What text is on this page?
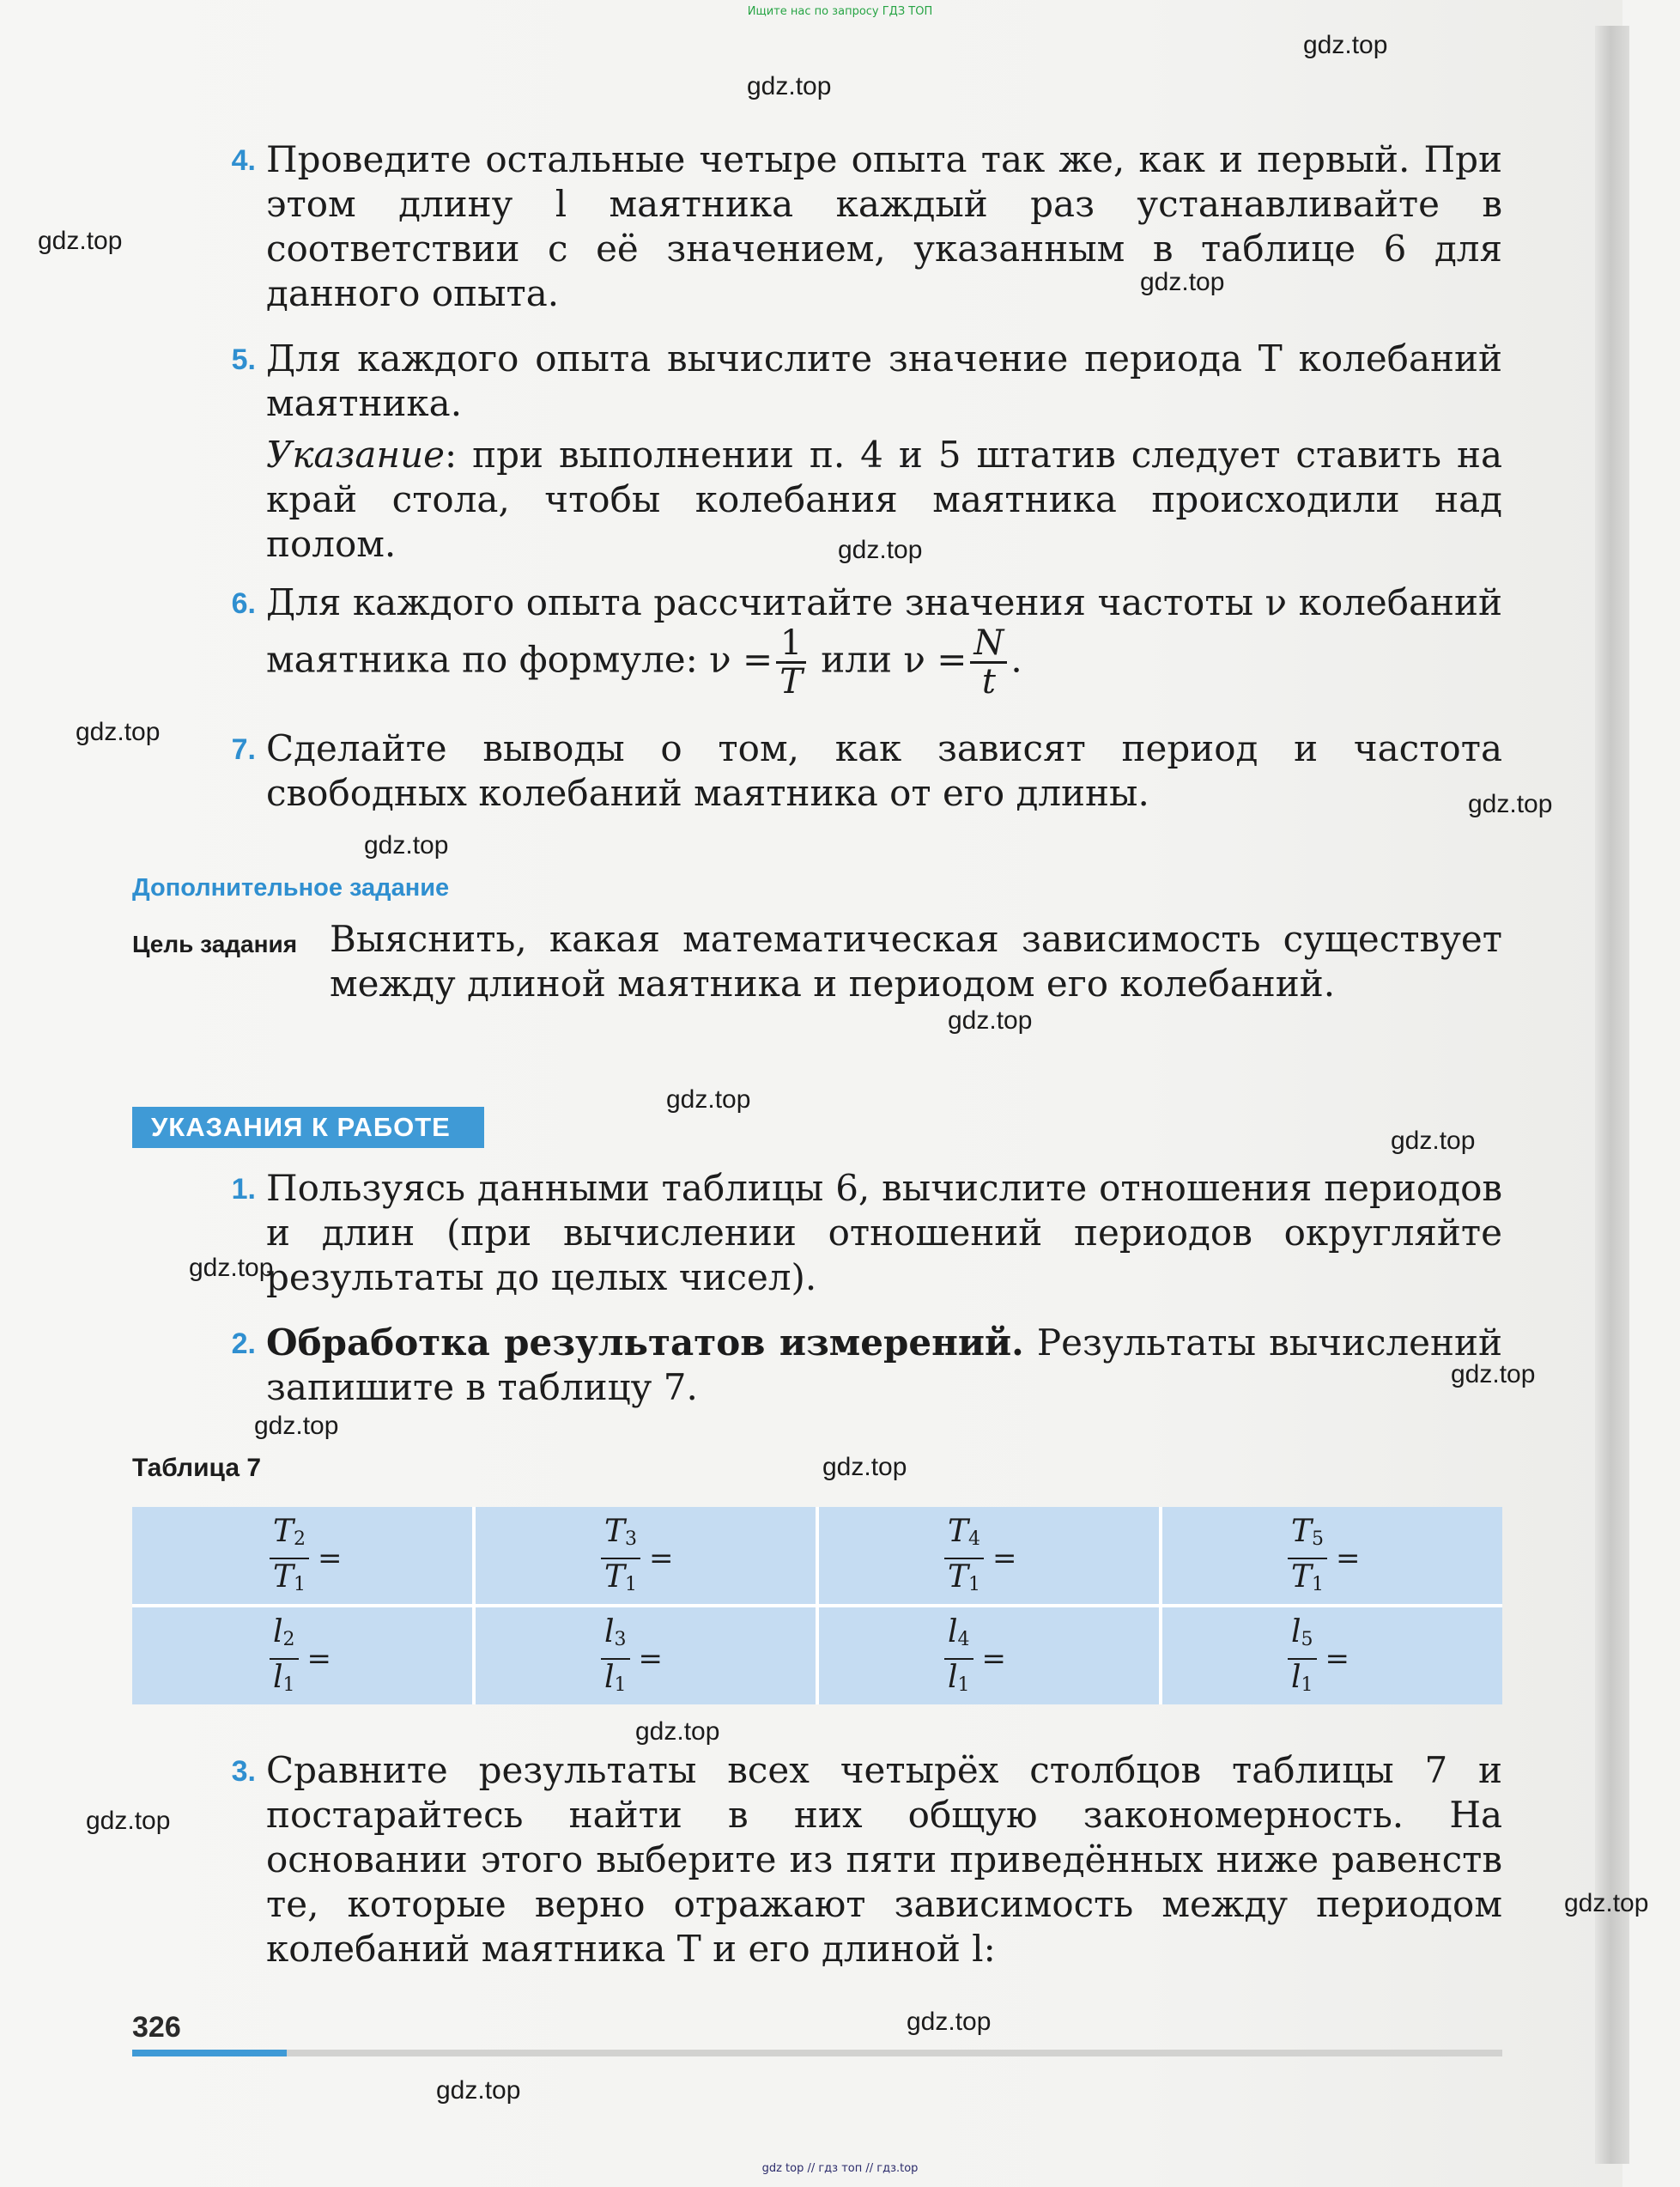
Ищите нас по запросу ГДЗ ТОП
gdz.top
gdz.top
gdz.top
gdz.top
gdz.top
gdz.top
gdz.top
gdz.top
gdz.top
gdz.top
gdz.top
gdz.top
gdz.top
gdz.top
gdz.top
gdz.top
gdz.top
gdz.top
gdz.top
gdz.top
4. Проведите остальные четыре опыта так же, как и первый. При этом длину l маятника каждый раз устанавливайте в соответствии с её значением, указанным в таблице 6 для данного опыта.
5. Для каждого опыта вычислите значение периода T колебаний маятника.
Указание: при выполнении п. 4 и 5 штатив следует ставить на край стола, чтобы колебания маятника происходили над полом.
6. Для каждого опыта рассчитайте значения частоты ν колебаний маятника по формуле: $\nu = \frac{1}{T}$ или $\nu = \frac{N}{t}$ .
7. Сделайте выводы о том, как зависят период и частота свободных колебаний маятника от его длины.
Дополнительное задание
Цель задания Выяснить, какая математическая зависимость существует между длиной маятника и периодом его колебаний.
УКАЗАНИЯ К РАБОТЕ
1. Пользуясь данными таблицы 6, вычислите отношения периодов и длин (при вычислении отношений периодов округляйте результаты до целых чисел).
2. Обработка результатов измерений. Результаты вычислений запишите в таблицу 7.
Таблица 7
$\frac{T_2}{T_1}$ =	$\frac{T_3}{T_1}$ =	$\frac{T_4}{T_1}$ =	$\frac{T_5}{T_1}$ =
$\frac{l_2}{l_1}$ =	$\frac{l_3}{l_1}$ =	$\frac{l_4}{l_1}$ =	$\frac{l_5}{l_1}$ =
3. Сравните результаты всех четырёх столбцов таблицы 7 и постарайтесь найти в них общую закономерность. На основании этого выберите из пяти приведённых ниже равенств те, которые верно отражают зависимость между периодом колебаний маятника T и его длиной l:
326
gdz top // гдз топ // гдз.top
